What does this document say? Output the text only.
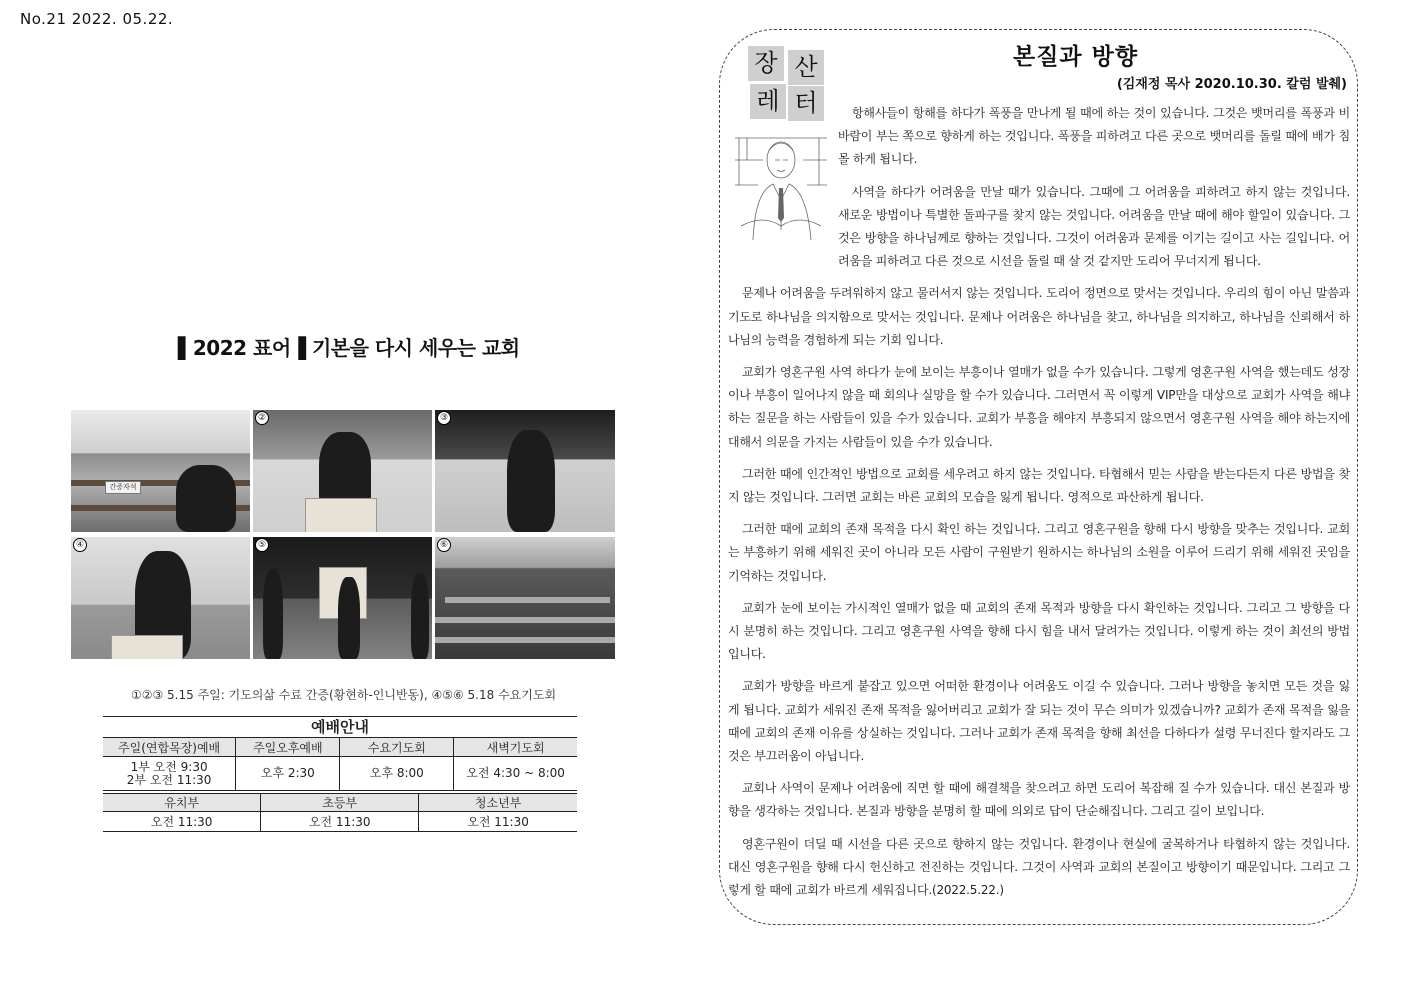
No.21 2022. 05.22.
▌2022 표어▐ 기본을 다시 세우는 교회
간증자석
②	③
④	⑤	⑥
①②③ 5.15 주일: 기도의삶 수료 간증(황현하-인니반동), ④⑤⑥ 5.18 수요기도회
예배안내
주일(연합목장)예배	주일오후예배	수요기도회	새벽기도회
1부 오전 9:30
2부 오전 11:30	오후 2:30	오후 8:00	오전 4:30 ~ 8:00
유치부	초등부	청소년부
오전 11:30	오전 11:30	오전 11:30
장 산
레 터
본질과 방향
(김재정 목사 2020.10.30. 칼럼 발췌)
항해사들이 항해를 하다가 폭풍을 만나게 될 때에 하는 것이 있습니다. 그것은 뱃머리를 폭풍과 비바람이 부는 쪽으로 향하게 하는 것입니다. 폭풍을 피하려고 다른 곳으로 뱃머리를 돌릴 때에 배가 침몰 하게 됩니다.
사역을 하다가 어려움을 만날 때가 있습니다. 그때에 그 어려움을 피하려고 하지 않는 것입니다. 새로운 방법이나 특별한 돌파구를 찾지 않는 것입니다. 어려움을 만날 때에 해야 할일이 있습니다. 그것은 방향을 하나님께로 향하는 것입니다. 그것이 어려움과 문제를 이기는 길이고 사는 길입니다. 어려움을 피하려고 다른 것으로 시선을 돌릴 때 살 것 같지만 도리어 무너지게 됩니다.
문제나 어려움을 두려워하지 않고 물러서지 않는 것입니다. 도리어 정면으로 맞서는 것입니다. 우리의 힘이 아닌 말씀과 기도로 하나님을 의지함으로 맞서는 것입니다. 문제나 어려움은 하나님을 찾고, 하나님을 의지하고, 하나님을 신뢰해서 하나님의 능력을 경험하게 되는 기회 입니다.
교회가 영혼구원 사역 하다가 눈에 보이는 부흥이나 열매가 없을 수가 있습니다. 그렇게 영혼구원 사역을 했는데도 성장이나 부흥이 일어나지 않을 때 회의나 실망을 할 수가 있습니다. 그러면서 꼭 이렇게 VIP만을 대상으로 교회가 사역을 해냐 하는 질문을 하는 사람들이 있을 수가 있습니다. 교회가 부흥을 해야지 부흥되지 않으면서 영혼구원 사역을 해야 하는지에 대해서 의문을 가지는 사람들이 있을 수가 있습니다.
그러한 때에 인간적인 방법으로 교회를 세우려고 하지 않는 것입니다. 타협해서 믿는 사람을 받는다든지 다른 방법을 찾지 않는 것입니다. 그러면 교회는 바른 교회의 모습을 잃게 됩니다. 영적으로 파산하게 됩니다.
그러한 때에 교회의 존재 목적을 다시 확인 하는 것입니다. 그리고 영혼구원을 향해 다시 방향을 맞추는 것입니다. 교회는 부흥하기 위해 세워진 곳이 아니라 모든 사람이 구원받기 원하시는 하나님의 소원을 이루어 드리기 위해 세워진 곳임을 기억하는 것입니다.
교회가 눈에 보이는 가시적인 열매가 없을 때 교회의 존재 목적과 방향을 다시 확인하는 것입니다. 그리고 그 방향을 다시 분명히 하는 것입니다. 그리고 영혼구원 사역을 향해 다시 힘을 내서 달려가는 것입니다. 이렇게 하는 것이 최선의 방법입니다.
교회가 방향을 바르게 붙잡고 있으면 어떠한 환경이나 어려움도 이길 수 있습니다. 그러나 방향을 놓치면 모든 것을 잃게 됩니다. 교회가 세워진 존재 목적을 잃어버리고 교회가 잘 되는 것이 무슨 의미가 있겠습니까? 교회가 존재 목적을 잃을 때에 교회의 존재 이유를 상실하는 것입니다. 그러나 교회가 존재 목적을 향해 최선을 다하다가 설령 무너진다 할지라도 그것은 부끄러움이 아닙니다.
교회나 사역이 문제나 어려움에 직면 할 때에 해결책을 찾으려고 하면 도리어 복잡해 질 수가 있습니다. 대신 본질과 방향을 생각하는 것입니다. 본질과 방향을 분명히 할 때에 의외로 답이 단순해집니다. 그리고 길이 보입니다.
영혼구원이 더딜 때 시선을 다른 곳으로 향하지 않는 것입니다. 환경이나 현실에 굴복하거나 타협하지 않는 것입니다. 대신 영혼구원을 향해 다시 헌신하고 전진하는 것입니다. 그것이 사역과 교회의 본질이고 방향이기 때문입니다. 그리고 그렇게 할 때에 교회가 바르게 세워집니다.(2022.5.22.)
